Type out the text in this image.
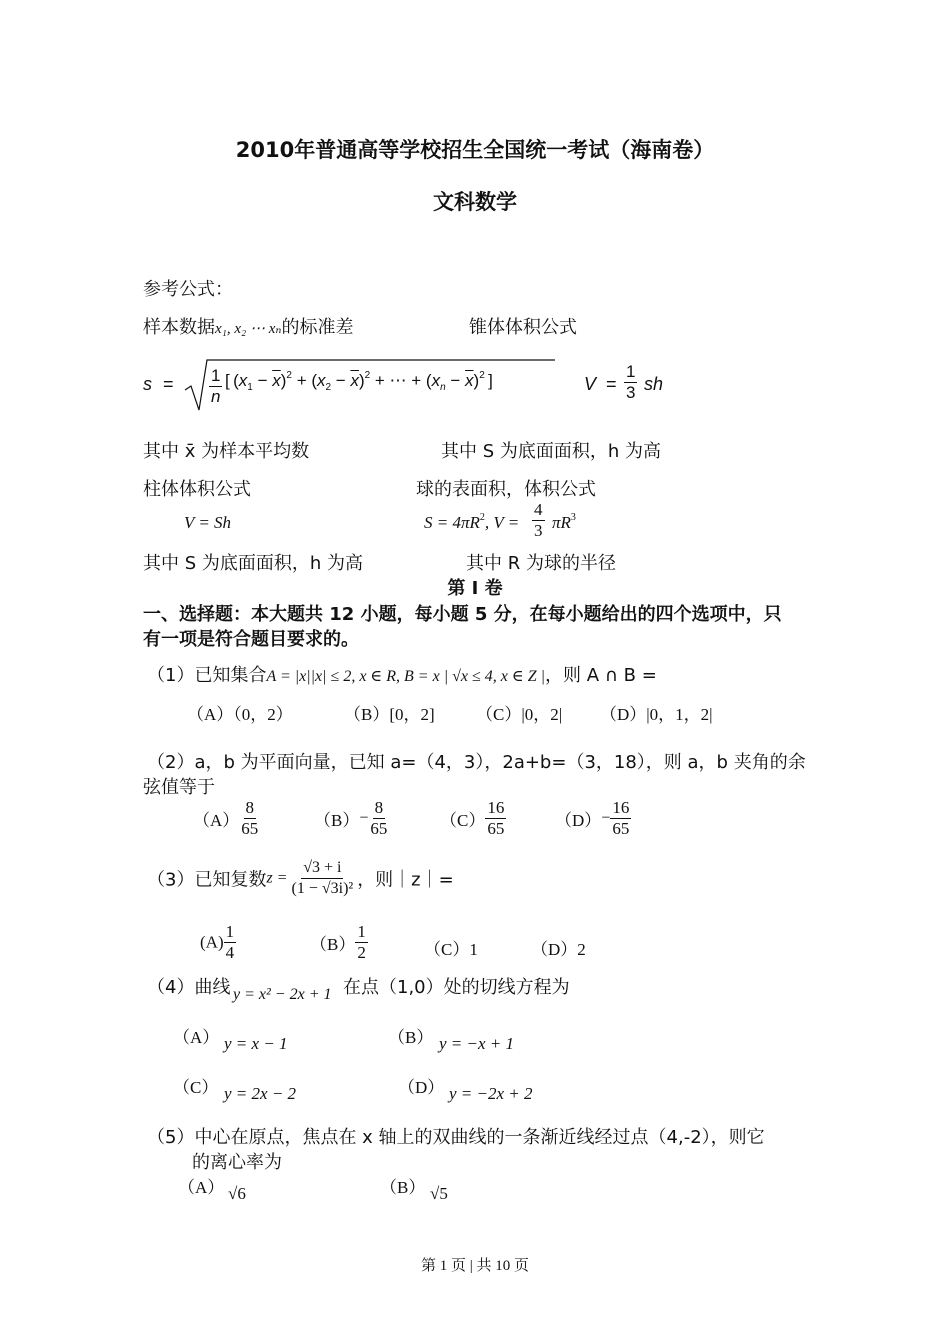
2010年普通高等学校招生全国统一考试（海南卷）
文科数学
参考公式：
样本数据x₁, x₂ ⋯ xₙ的标准差	锥体体积公式
$s = \frac{1}{n}$ [ $(x_1 - \overline{x})^2 + (x_2 - \overline{x})^2$ + ⋯ + $(x_n - \overline{x})^2$ ]	$V = \frac{1}{3}$ sh
其中 x̄ 为样本平均数	其中 S 为底面面积，h 为高
柱体体积公式	球的表面积，体积公式
V = Sh	$S = 4\pi R^2$, $V = \frac{4}{3} \pi R^3$
其中 S 为底面面积，h 为高	其中 R 为球的半径
第 I 卷
一、选择题：本大题共 12 小题，每小题 5 分，在每小题给出的四个选项中，只
有一项是符合题目要求的。
（1）已知集合A = |x||x| ≤ 2, x ∈ R, B = x | √x ≤ 4, x ∈ Z |，则 A ∩ B =
（A）（0，2）	（B）[0，2] （C）|0，2| （D）|0，1，2|
（2）a，b 为平面向量，已知 a=（4，3），2a+b=（3，18），则 a，b 夹角的余
弦值等于
$(A) \frac{8}{65}$	$(B)- \frac{8}{65}$	$(C) \frac{16}{65}$	$(D)- \frac{16}{65}$
（3）已知复数$z = \frac{√3 + i}{\text{(1 − √3i)²}}$ ，则｜z｜=
$(A) \frac{1}{4}$	$(B) \frac{1}{2}$	（C）1	（D）2
（4）曲线 y = x² − 2x + 1 在点（1,0）处的切线方程为
（A） y = x − 1	（B） y = −x + 1
（C） y = 2x − 2	（D） y = −2x + 2
（5）中心在原点，焦点在 x 轴上的双曲线的一条渐近线经过点（4,-2），则它
的离心率为
（A） √6	（B） √5
第 1 页 | 共 10 页
